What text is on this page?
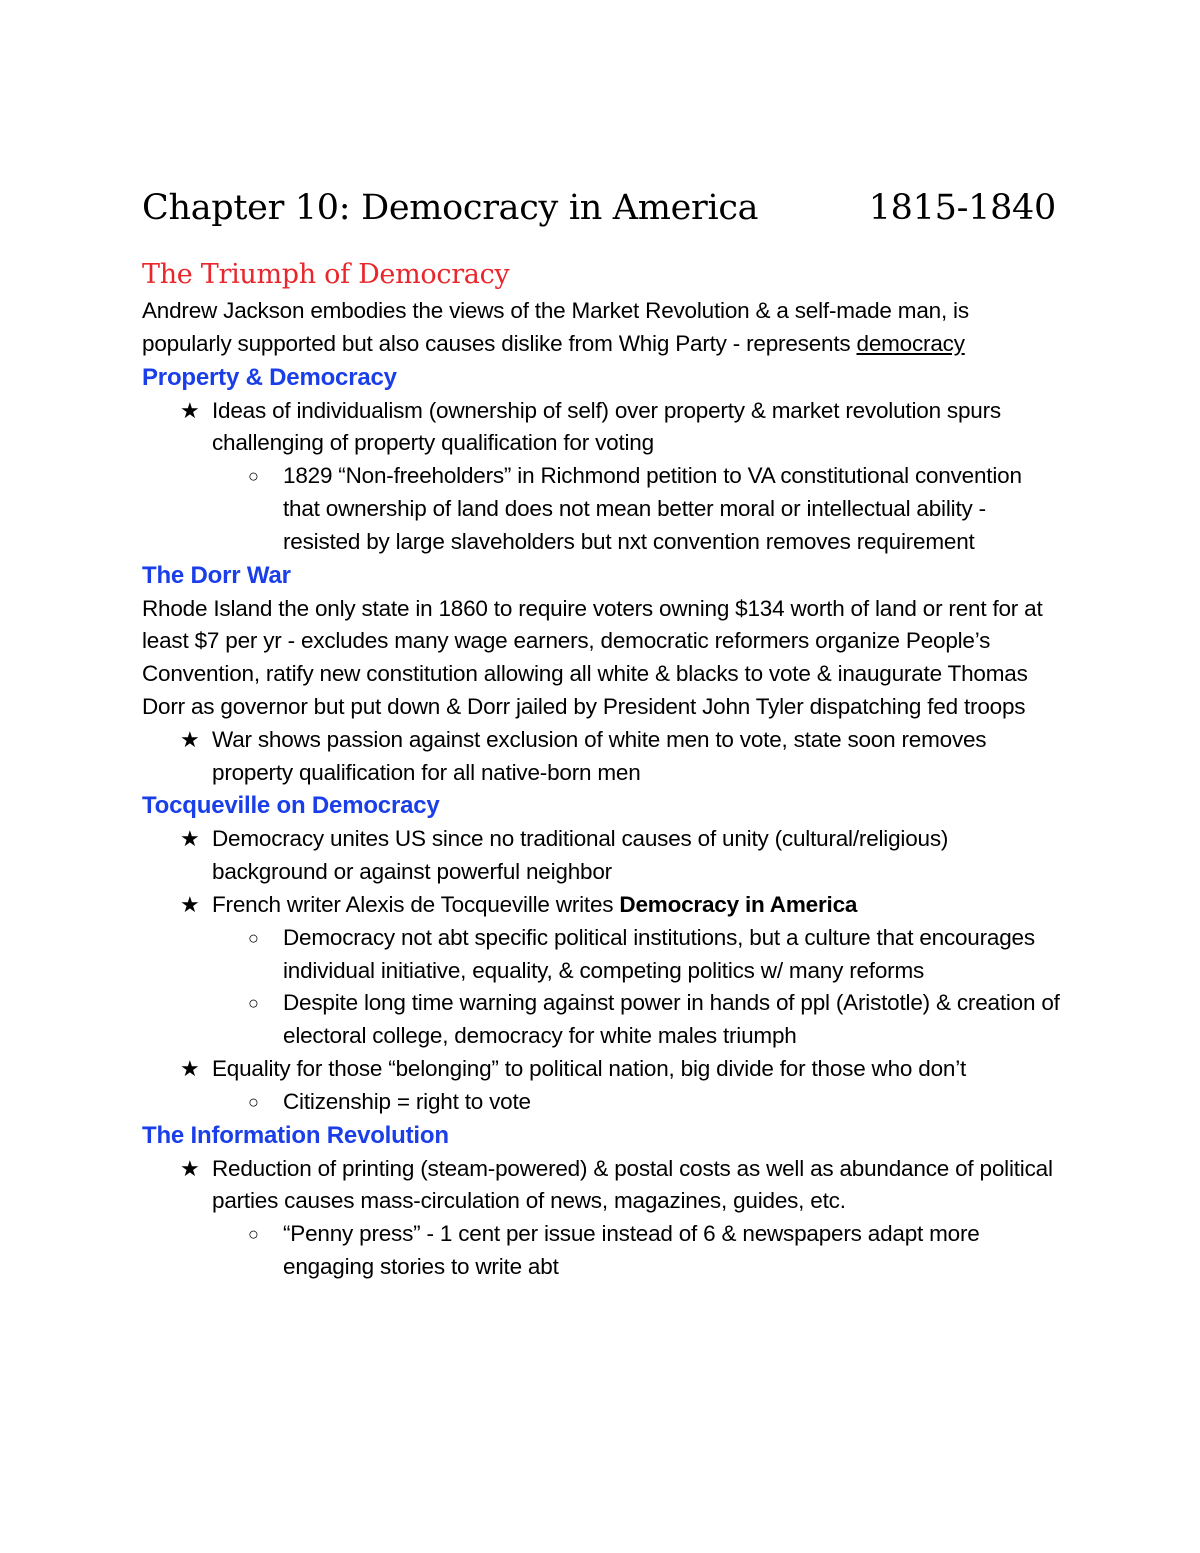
Chapter 10: Democracy in America	1815-1840
The Triumph of Democracy

Andrew Jackson embodies the views of the Market Revolution & a self-made man, is popularly supported but also causes dislike from Whig Party - represents democracy

Property & Democracy
★ Ideas of individualism (ownership of self) over property & market revolution spurs challenging of property qualification for voting
○ 1829 “Non-freeholders” in Richmond petition to VA constitutional convention that ownership of land does not mean better moral or intellectual ability - resisted by large slaveholders but nxt convention removes requirement
The Dorr War

Rhode Island the only state in 1860 to require voters owning $134 worth of land or rent for at least $7 per yr - excludes many wage earners, democratic reformers organize People’s Convention, ratify new constitution allowing all white & blacks to vote & inaugurate Thomas Dorr as governor but put down & Dorr jailed by President John Tyler dispatching fed troops

★ War shows passion against exclusion of white men to vote, state soon removes property qualification for all native-born men
Tocqueville on Democracy
★ Democracy unites US since no traditional causes of unity (cultural/religious) background or against powerful neighbor
★ French writer Alexis de Tocqueville writes Democracy in America
○ Democracy not abt specific political institutions, but a culture that encourages individual initiative, equality, & competing politics w/ many reforms
○ Despite long time warning against power in hands of ppl (Aristotle) & creation of electoral college, democracy for white males triumph
★ Equality for those “belonging” to political nation, big divide for those who don’t
○ Citizenship = right to vote
The Information Revolution
★ Reduction of printing (steam-powered) & postal costs as well as abundance of political parties causes mass-circulation of news, magazines, guides, etc.
○ “Penny press” - 1 cent per issue instead of 6 & newspapers adapt more engaging stories to write abt
